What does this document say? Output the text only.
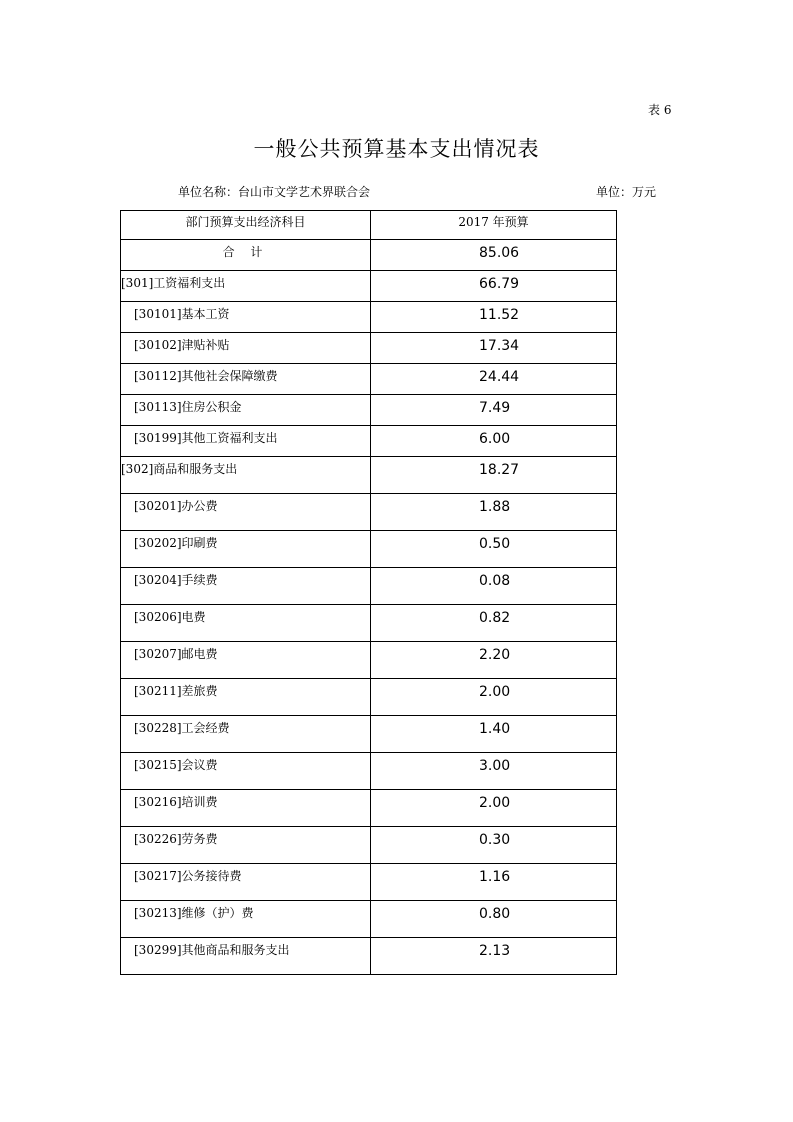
表 6
一般公共预算基本支出情况表
单位名称：台山市文学艺术界联合会	单位：万元
部门预算支出经济科目	2017 年预算
合 计	85.06
[301]工资福利支出	66.79
[30101]基本工资	11.52
[30102]津贴补贴	17.34
[30112]其他社会保障缴费	24.44
[30113]住房公积金	7.49
[30199]其他工资福利支出	6.00
[302]商品和服务支出	18.27
[30201]办公费	1.88
[30202]印刷费	0.50
[30204]手续费	0.08
[30206]电费	0.82
[30207]邮电费	2.20
[30211]差旅费	2.00
[30228]工会经费	1.40
[30215]会议费	3.00
[30216]培训费	2.00
[30226]劳务费	0.30
[30217]公务接待费	1.16
[30213]维修（护）费	0.80
[30299]其他商品和服务支出	2.13
